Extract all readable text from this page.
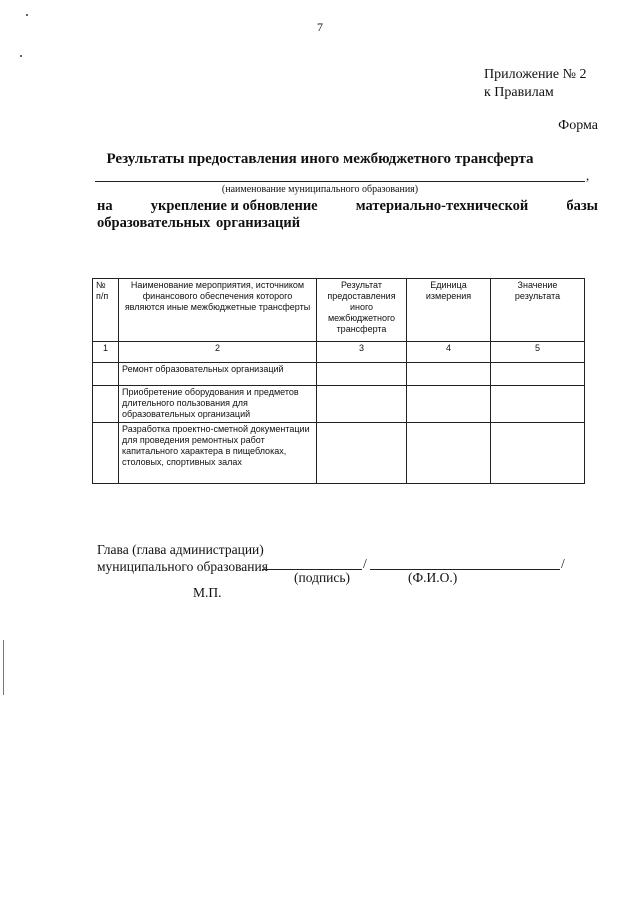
7
Приложение № 2
к Правилам
Форма
Результаты предоставления иного межбюджетного трансферта
,
(наименование муниципального образования)
на	укрепление и обновление	материально-технической	базы
образовательных организаций
№ п/п	Наименование мероприятия, источником финансового обеспечения которого являются иные межбюджетные трансферты	Результат предоставления иного межбюджетного трансферта	Единица измерения	Значение результата
1	2	3	4	5
	Ремонт образовательных организаций			
	Приобретение оборудования и предметов длительного пользования для образовательных организаций			
	Разработка проектно-сметной документации для проведения ремонтных работ капитального характера в пищеблоках, столовых, спортивных залах			
Глава (глава администрации)
муниципального образования	/	/
(подпись)	(Ф.И.О.)
М.П.
